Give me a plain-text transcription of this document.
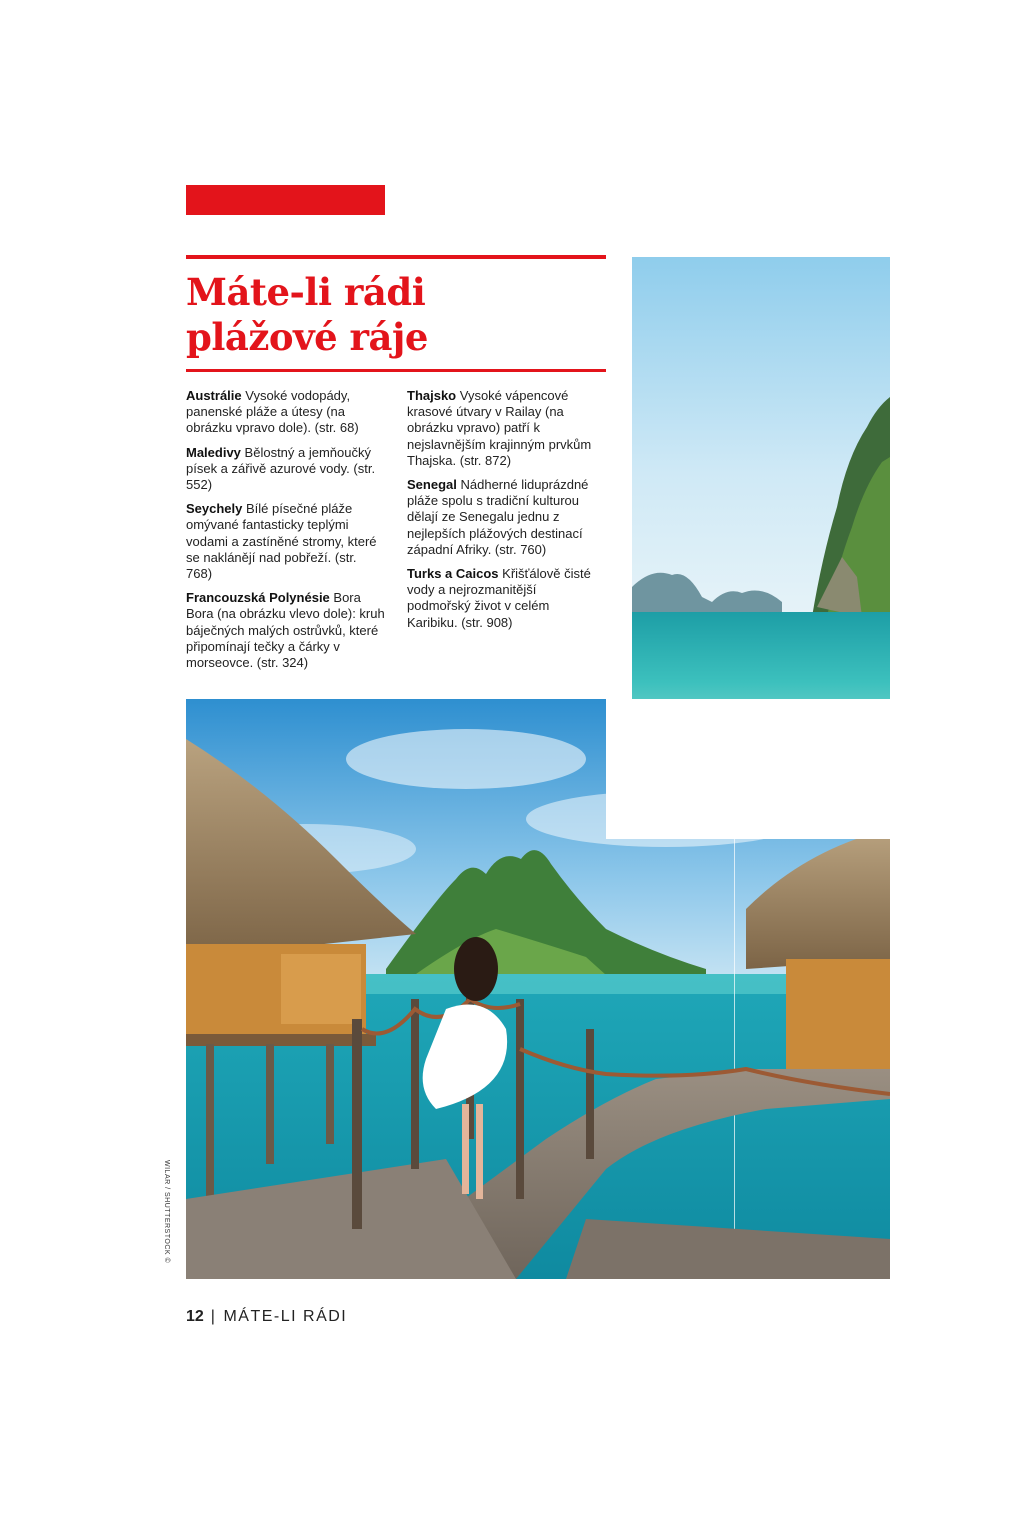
Máte-li rádi
plážové ráje

Austrálie Vysoké vodopády, panenské pláže a útesy (na obrázku vpravo dole). (str. 68)

Maledivy Bělostný a jemňoučký písek a zářivě azurové vody. (str. 552)

Seychely Bílé písečné pláže omývané fantasticky teplými vodami a zastíněné stromy, které se naklánějí nad pobřeží. (str. 768)

Francouzská Polynésie Bora Bora (na obrázku vlevo dole): kruh báječných malých ostrůvků, které připomínají tečky a čárky v morseovce. (str. 324)

Thajsko Vysoké vápencové krasové útvary v Railay (na obrázku vpravo) patří k nejslavnějším krajinným prvkům Thajska. (str. 872)

Senegal Nádherné liduprázdné pláže spolu s tradiční kulturou dělají ze Senegalu jednu z nejlepších plážových destinací západní Afriky. (str. 760)

Turks a Caicos Křišťálově čisté vody a nejrozmanitější podmořský život v celém Karibiku. (str. 908)

WILAR / SHUTTERSTOCK ©
12 | MÁTE-LI RÁDI
